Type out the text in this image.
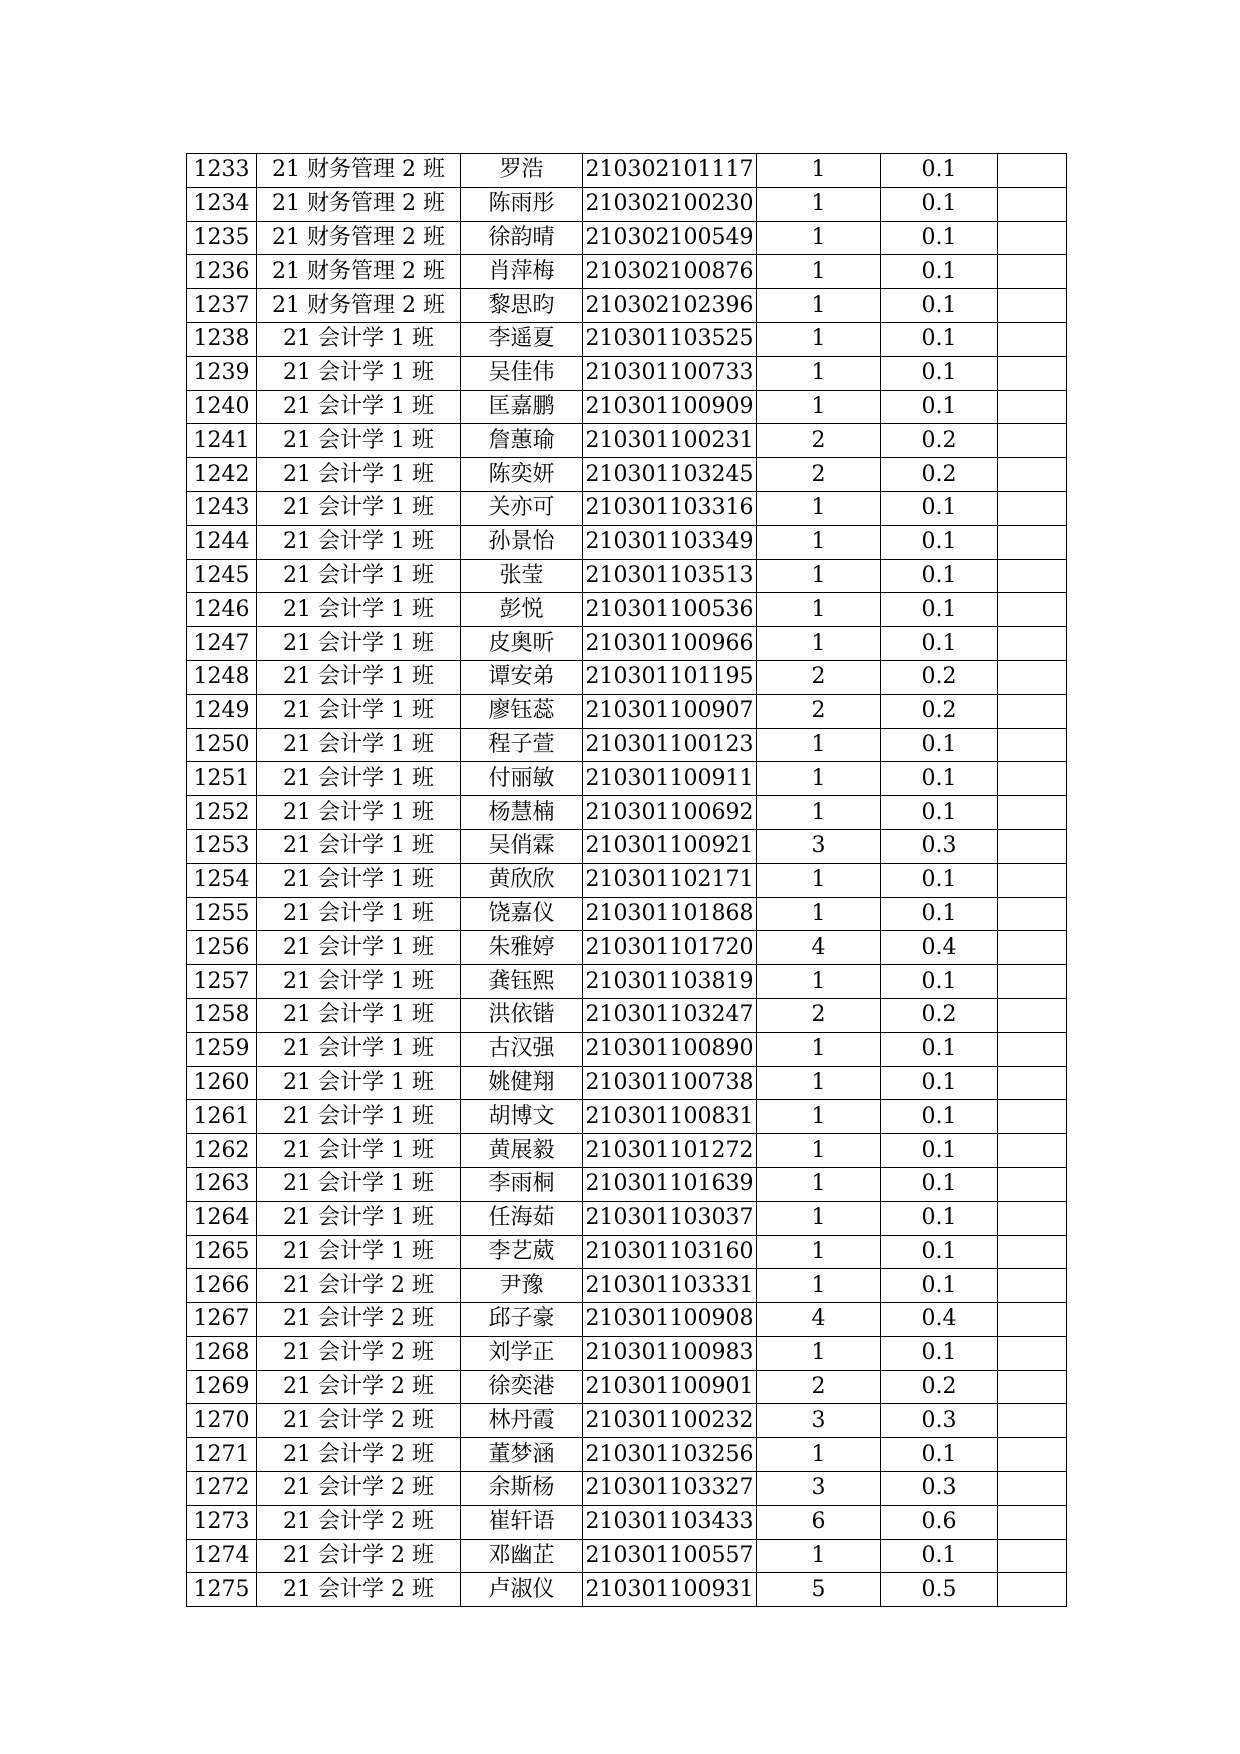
1233	21 财务管理 2 班	罗浩	210302101117	1	0.1	
1234	21 财务管理 2 班	陈雨彤	210302100230	1	0.1	
1235	21 财务管理 2 班	徐韵晴	210302100549	1	0.1	
1236	21 财务管理 2 班	肖萍梅	210302100876	1	0.1	
1237	21 财务管理 2 班	黎思昀	210302102396	1	0.1	
1238	21 会计学 1 班	李遥夏	210301103525	1	0.1	
1239	21 会计学 1 班	吴佳伟	210301100733	1	0.1	
1240	21 会计学 1 班	匡嘉鹏	210301100909	1	0.1	
1241	21 会计学 1 班	詹蕙瑜	210301100231	2	0.2	
1242	21 会计学 1 班	陈奕妍	210301103245	2	0.2	
1243	21 会计学 1 班	关亦可	210301103316	1	0.1	
1244	21 会计学 1 班	孙景怡	210301103349	1	0.1	
1245	21 会计学 1 班	张莹	210301103513	1	0.1	
1246	21 会计学 1 班	彭悦	210301100536	1	0.1	
1247	21 会计学 1 班	皮奥昕	210301100966	1	0.1	
1248	21 会计学 1 班	谭安弟	210301101195	2	0.2	
1249	21 会计学 1 班	廖钰蕊	210301100907	2	0.2	
1250	21 会计学 1 班	程子萱	210301100123	1	0.1	
1251	21 会计学 1 班	付丽敏	210301100911	1	0.1	
1252	21 会计学 1 班	杨慧楠	210301100692	1	0.1	
1253	21 会计学 1 班	吴俏霖	210301100921	3	0.3	
1254	21 会计学 1 班	黄欣欣	210301102171	1	0.1	
1255	21 会计学 1 班	饶嘉仪	210301101868	1	0.1	
1256	21 会计学 1 班	朱雅婷	210301101720	4	0.4	
1257	21 会计学 1 班	龚钰熙	210301103819	1	0.1	
1258	21 会计学 1 班	洪依锴	210301103247	2	0.2	
1259	21 会计学 1 班	古汉强	210301100890	1	0.1	
1260	21 会计学 1 班	姚健翔	210301100738	1	0.1	
1261	21 会计学 1 班	胡博文	210301100831	1	0.1	
1262	21 会计学 1 班	黄展毅	210301101272	1	0.1	
1263	21 会计学 1 班	李雨桐	210301101639	1	0.1	
1264	21 会计学 1 班	任海茹	210301103037	1	0.1	
1265	21 会计学 1 班	李艺葳	210301103160	1	0.1	
1266	21 会计学 2 班	尹豫	210301103331	1	0.1	
1267	21 会计学 2 班	邱子豪	210301100908	4	0.4	
1268	21 会计学 2 班	刘学正	210301100983	1	0.1	
1269	21 会计学 2 班	徐奕港	210301100901	2	0.2	
1270	21 会计学 2 班	林丹霞	210301100232	3	0.3	
1271	21 会计学 2 班	董梦涵	210301103256	1	0.1	
1272	21 会计学 2 班	余斯杨	210301103327	3	0.3	
1273	21 会计学 2 班	崔轩语	210301103433	6	0.6	
1274	21 会计学 2 班	邓幽芷	210301100557	1	0.1	
1275	21 会计学 2 班	卢淑仪	210301100931	5	0.5	
